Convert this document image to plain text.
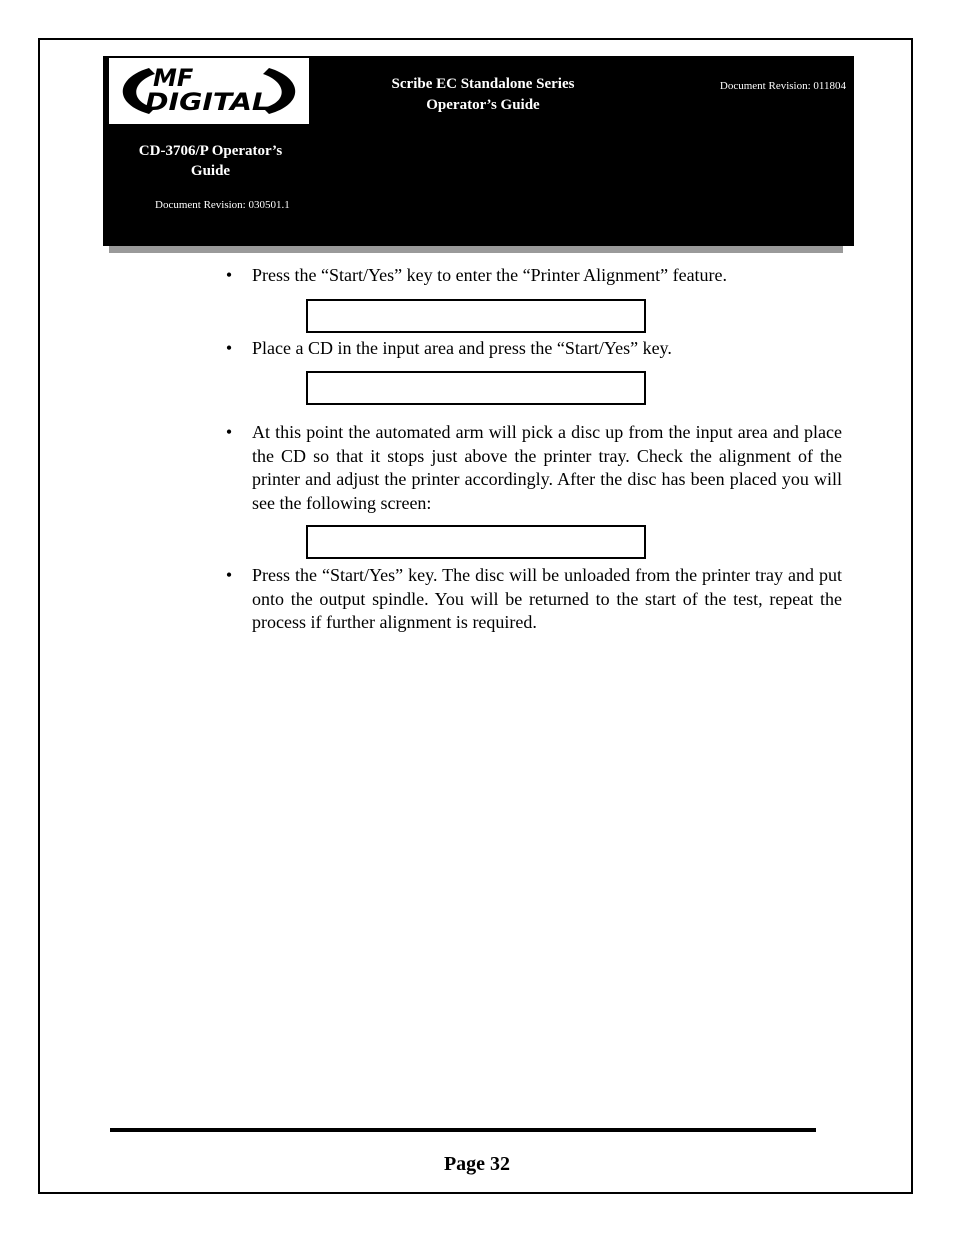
MF
DIGITAL
Scribe EC Standalone Series
Operator’s Guide
Document Revision: 011804
CD-3706/P Operator’s
Guide
Document Revision: 030501.1
• Press the “Start/Yes” key to enter the “Printer Alignment” feature.

• Place a CD in the input area and press the “Start/Yes” key.

• At this point the automated arm will pick a disc up from the input area and place the CD so that it stops just above the printer tray. Check the alignment of the printer and adjust the printer accordingly. After the disc has been placed you will see the following screen:

• Press the “Start/Yes” key. The disc will be unloaded from the printer tray and put onto the output spindle. You will be returned to the start of the test, repeat the process if further alignment is required.
Page 32
